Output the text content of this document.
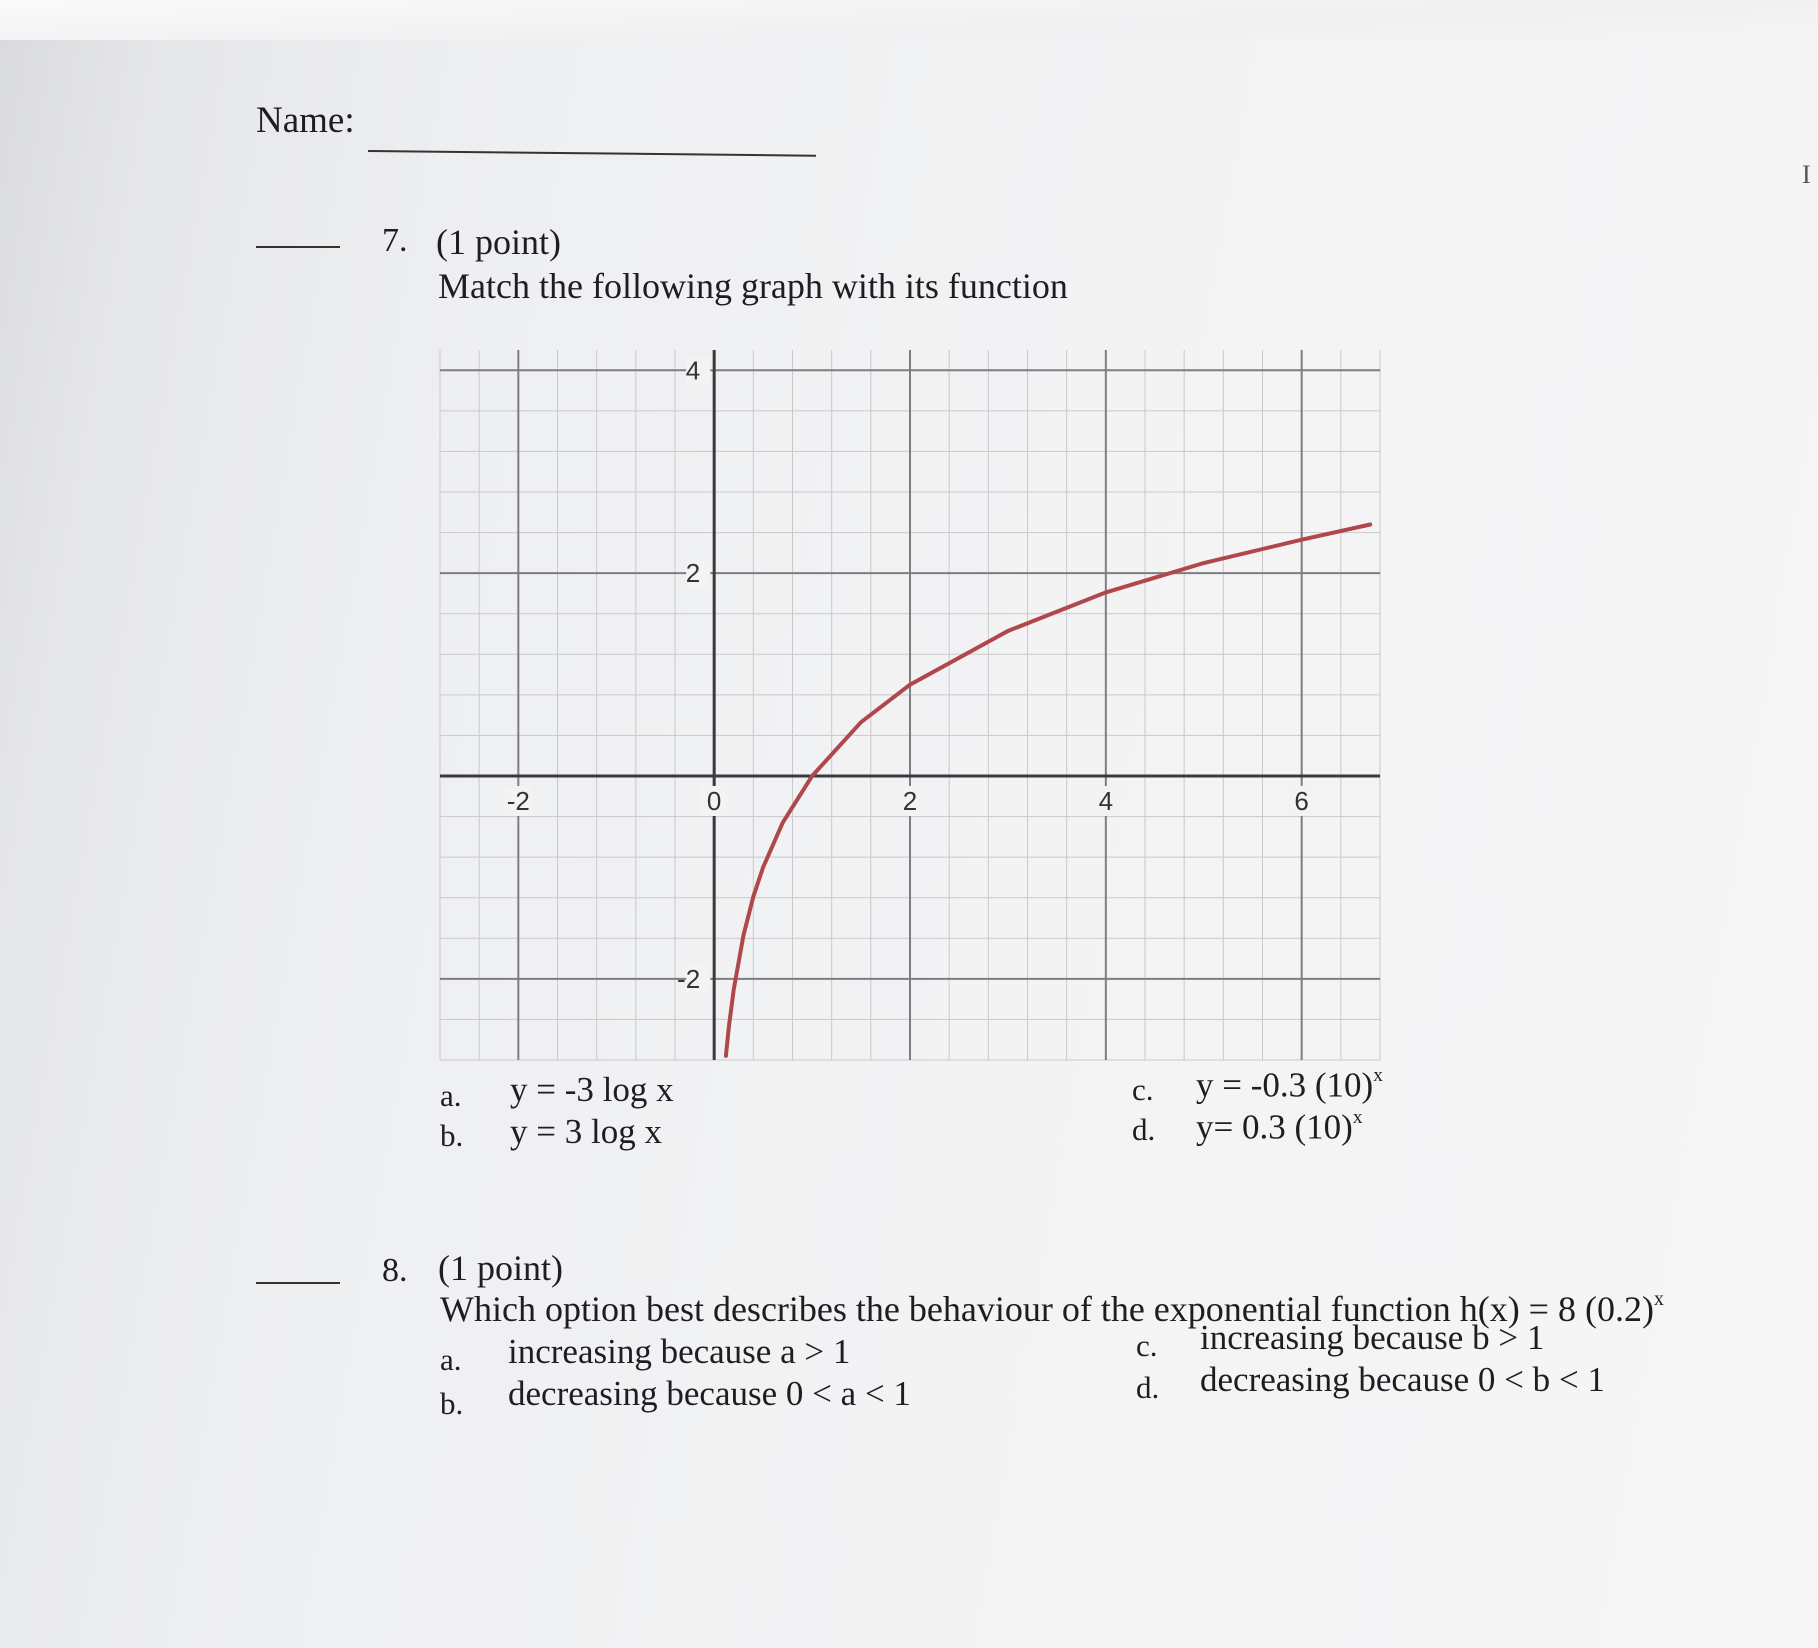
Name:
7. (1 point)
Match the following graph with its function
-2	0	2	4	6
4
2
-2
a. y = -3 log x
b. y = 3 log x
c. y = -0.3 $(10)^x$
d. y= 0.3 $(10)^x$
8. (1 point)
Which option best describes the behaviour of the exponential function h(x) = 8 $(0.2)^x$
a. increasing because a > 1
b. decreasing because 0 < a < 1
c. increasing because b > 1
d. decreasing because 0 < b < 1
I
